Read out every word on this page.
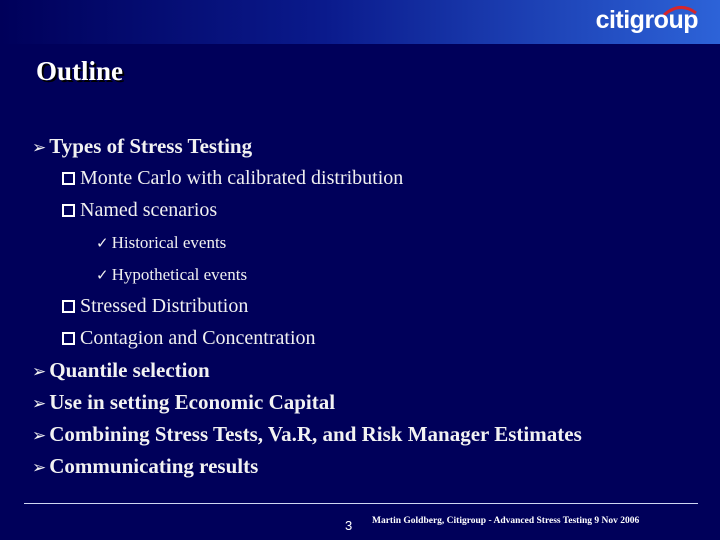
citigroup
Outline
➢ Types of Stress Testing
Monte Carlo with calibrated distribution
Named scenarios
✓ Historical events
✓ Hypothetical events
Stressed Distribution
Contagion and Concentration
➢ Quantile selection
➢ Use in setting Economic Capital
➢ Combining Stress Tests, Va.R, and Risk Manager Estimates
➢ Communicating results
3 Martin Goldberg, Citigroup - Advanced Stress Testing 9 Nov 2006
